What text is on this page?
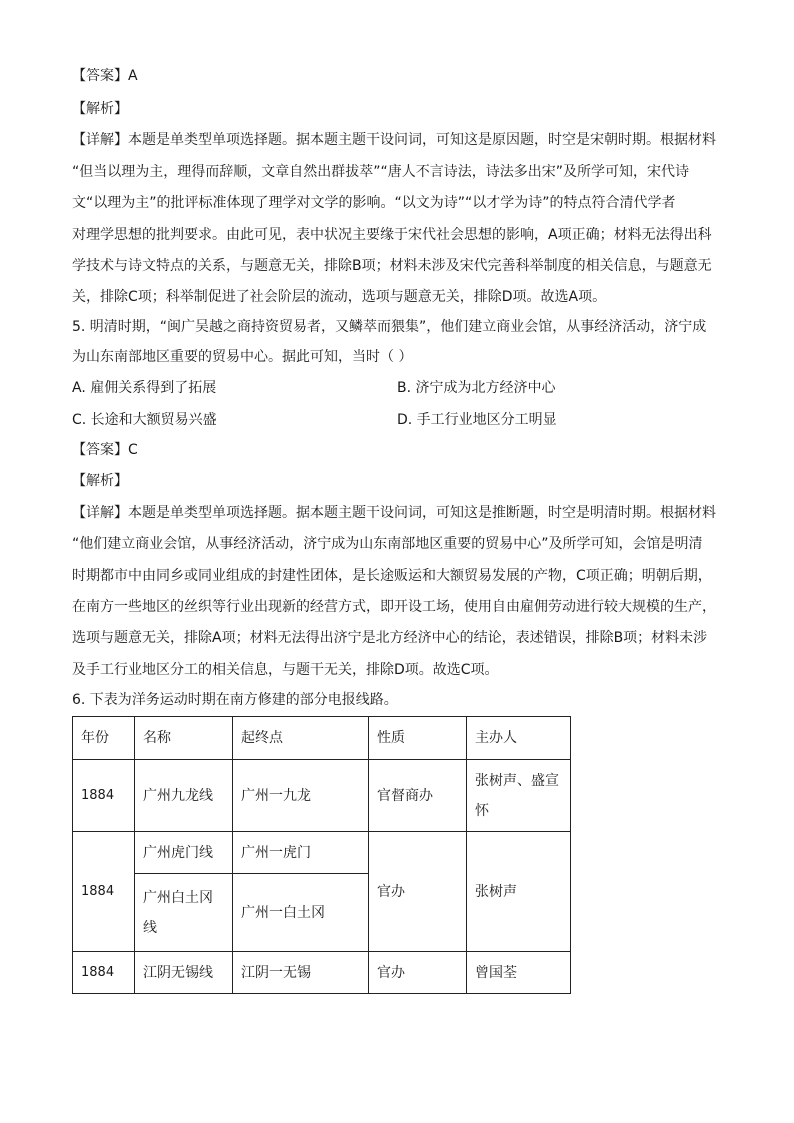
【答案】A
【解析】
【详解】本题是单类型单项选择题。据本题主题干设问词，可知这是原因题，时空是宋朝时期。根据材料
“但当以理为主，理得而辞顺，文章自然出群拔萃”“唐人不言诗法，诗法多出宋”及所学可知，宋代诗
文“以理为主”的批评标准体现了理学对文学的影响。“以文为诗”“以才学为诗”的特点符合清代学者
对理学思想的批判要求。由此可见，表中状况主要缘于宋代社会思想的影响，A项正确；材料无法得出科
学技术与诗文特点的关系，与题意无关，排除B项；材料未涉及宋代完善科举制度的相关信息，与题意无
关，排除C项；科举制促进了社会阶层的流动，选项与题意无关，排除D项。故选A项。
5. 明清时期，“闽广吴越之商持资贸易者，又鳞萃而猥集”，他们建立商业会馆，从事经济活动，济宁成
为山东南部地区重要的贸易中心。据此可知，当时（ ）
A. 雇佣关系得到了拓展	B. 济宁成为北方经济中心
C. 长途和大额贸易兴盛	D. 手工行业地区分工明显
【答案】C
【解析】
【详解】本题是单类型单项选择题。据本题主题干设问词，可知这是推断题，时空是明清时期。根据材料
“他们建立商业会馆，从事经济活动，济宁成为山东南部地区重要的贸易中心”及所学可知，会馆是明清
时期都市中由同乡或同业组成的封建性团体，是长途贩运和大额贸易发展的产物，C项正确；明朝后期，
在南方一些地区的丝织等行业出现新的经营方式，即开设工场，使用自由雇佣劳动进行较大规模的生产，
选项与题意无关，排除A项；材料无法得出济宁是北方经济中心的结论，表述错误，排除B项；材料未涉
及手工行业地区分工的相关信息，与题干无关，排除D项。故选C项。
6. 下表为洋务运动时期在南方修建的部分电报线路。
年份	名称	起终点	性质	主办人
1884	广州九龙线	广州一九龙	官督商办	张树声、盛宣怀
1884	广州虎门线	广州一虎门	官办	张树声
	广州白土冈线	广州一白土冈		
1884	江阴无锡线	江阴一无锡	官办	曾国荃
